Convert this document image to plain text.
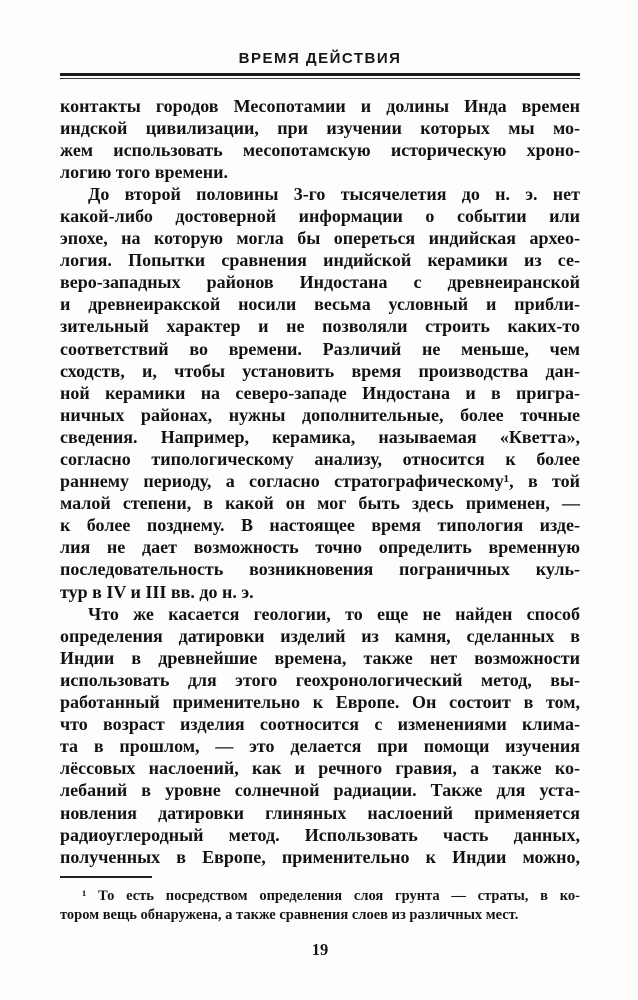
ВРЕМЯ ДЕЙСТВИЯ
контакты городов Месопотамии и долины Инда времен
индской цивилизации, при изучении которых мы мо-
жем использовать месопотамскую историческую хроно-
логию того времени.
До второй половины 3-го тысячелетия до н. э. нет
какой-либо достоверной информации о событии или
эпохе, на которую могла бы опереться индийская архео-
логия. Попытки сравнения индийской керамики из се-
веро-западных районов Индостана с древнеиранской
и древнеиракской носили весьма условный и прибли-
зительный характер и не позволяли строить каких-то
соответствий во времени. Различий не меньше, чем
сходств, и, чтобы установить время производства дан-
ной керамики на северо-западе Индостана и в пригра-
ничных районах, нужны дополнительные, более точные
сведения. Например, керамика, называемая «Кветта»,
согласно типологическому анализу, относится к более
раннему периоду, а согласно стратографическому¹, в той
малой степени, в какой он мог быть здесь применен, —
к более позднему. В настоящее время типология изде-
лия не дает возможность точно определить временную
последовательность возникновения пограничных куль-
тур в IV и III вв. до н. э.
Что же касается геологии, то еще не найден способ
определения датировки изделий из камня, сделанных в
Индии в древнейшие времена, также нет возможности
использовать для этого геохронологический метод, вы-
работанный применительно к Европе. Он состоит в том,
что возраст изделия соотносится с изменениями клима-
та в прошлом, — это делается при помощи изучения
лёссовых наслоений, как и речного гравия, а также ко-
лебаний в уровне солнечной радиации. Также для уста-
новления датировки глиняных наслоений применяется
радиоуглеродный метод. Использовать часть данных,
полученных в Европе, применительно к Индии можно,
¹ То есть посредством определения слоя грунта — страты, в ко-
тором вещь обнаружена, а также сравнения слоев из различных мест.
19
